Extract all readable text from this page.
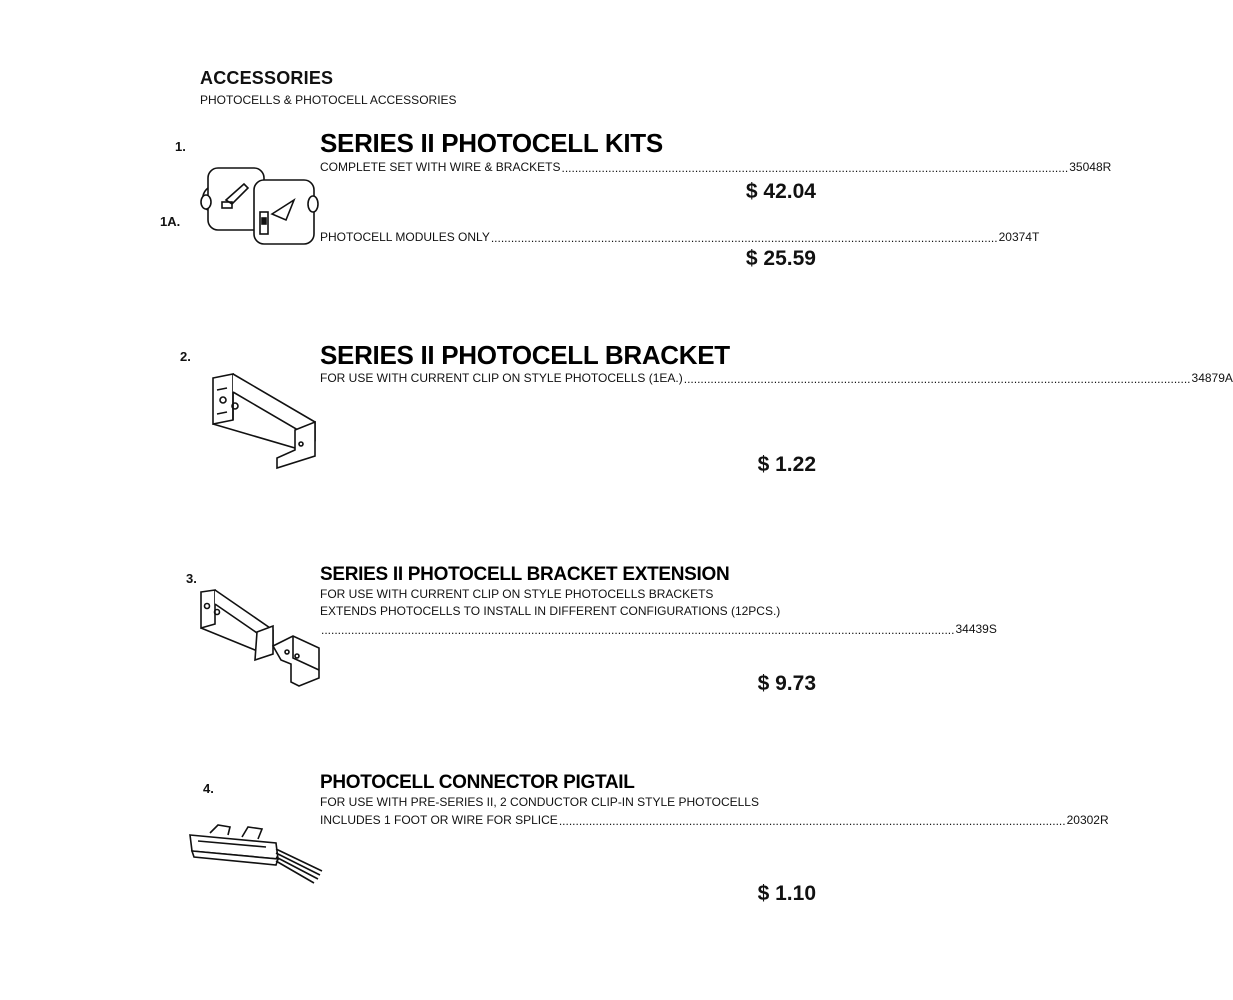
ACCESSORIES
PHOTOCELLS & PHOTOCELL ACCESSORIES
1.
1A.
SERIES II PHOTOCELL KITS
COMPLETE SET WITH WIRE & BRACKETS ........................................................................................................................................................ 35048R
$ 42.04
PHOTOCELL MODULES ONLY ........................................................................................................................................................ 20374T
$ 25.59
2.	SERIES II PHOTOCELL BRACKET
FOR USE WITH CURRENT CLIP ON STYLE PHOTOCELLS (1EA.) ........................................................................................................................................................ 34879A
$ 1.22
3.	SERIES II PHOTOCELL BRACKET EXTENSION
FOR USE WITH CURRENT CLIP ON STYLE PHOTOCELLS BRACKETS
EXTENDS PHOTOCELLS TO INSTALL IN DIFFERENT CONFIGURATIONS (12PCS.)
.............................................................................................................................................................................................. 34439S
$ 9.73
4.	PHOTOCELL CONNECTOR PIGTAIL
FOR USE WITH PRE-SERIES II, 2 CONDUCTOR CLIP-IN STYLE PHOTOCELLS
INCLUDES 1 FOOT OR WIRE FOR SPLICE ........................................................................................................................................................ 20302R
$ 1.10
